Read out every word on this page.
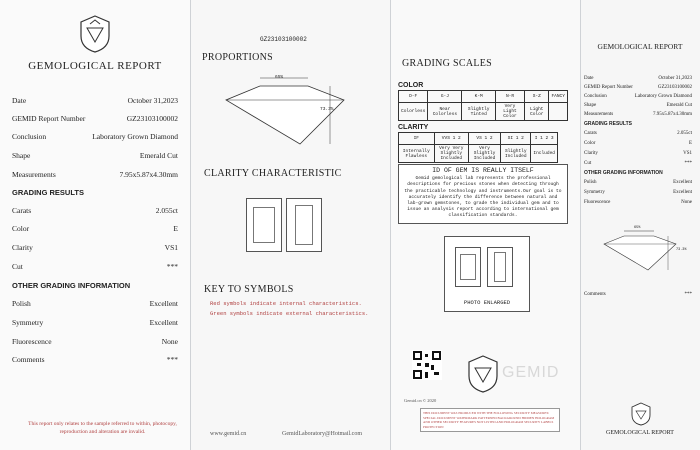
GEMOLOGICAL REPORT
Date	October 31,2023
GEMID Report Number	GZ23103100002
Conclusion	Laboratory Grown Diamond
Shape	Emerald Cut
Measurements	7.95x5.87x4.30mm
GRADING RESULTS
Carats	2.055ct
Color	E
Clarity	VS1
Cut	***
OTHER GRADING INFORMATION
Polish	Excellent
Symmetry	Excellent
Fluorescence	None
Comments	***
This report only relates to the sample referred to within, photocopy, reproduction and alteration are invalid.
GZ23103100002
PROPORTIONS
65%
73.3%
CLARITY CHARACTERISTIC
KEY TO SYMBOLS
Red symbols indicate internal characteristics.
Green symbols indicate external characteristics.
www.gemid.cn	GemidLaboratory@Hotmail.com
GRADING SCALES
COLOR
D-F	G-J	K-M	N-R	S-Z	FANCY
Colorless	Near Colorless	Slightly Tinted	Very Light Color	Light Color	
CLARITY
IF	VVS 1 2	VS 1 2	SI 1 2	I 1 2 3
Internally Flawless	Very Very Slightly Included	Very Slightly Included	Slightly Included	Included
ID OF GEM IS REALLY ITSELF
Gemid gemological lab represents the professional descriptions for precious stones when detecting through the practicable technology and instruments.Our goal is to accurately identify the difference between natural and lab-grown gemstones, to grade the individual gem and to issue an analysis report according to international gem classification standards.
PHOTO ENLARGED
GEMID
Gemid.cn © 2020
THIS DOCUMENT WAS PRODUCED WITH THE FOLLOWING SECURITY MEASURES: SPECIAL DOCUMENT WATERMARK PATTERNED BACKGROUND HIDDEN HOLOGRAM AND OTHER SECURITY FEATURES NOT LISTED AND HOLOGRAM SECURITY LABELS PROTECTION
GEMOLOGICAL REPORT
Date	October 31,2023
GEMID Report Number	GZ23103100002
Conclusion	Laboratory Grown Diamond
Shape	Emerald Cut
Measurements	7.95x5.87x4.30mm
GRADING RESULTS
Carats	2.055ct
Color	E
Clarity	VS1
Cut	***
OTHER GRADING INFORMATION
Polish	Excellent
Symmetry	Excellent
Fluorescence	None
65%
73.3%
Comments	***
GEMOLOGICAL REPORT
